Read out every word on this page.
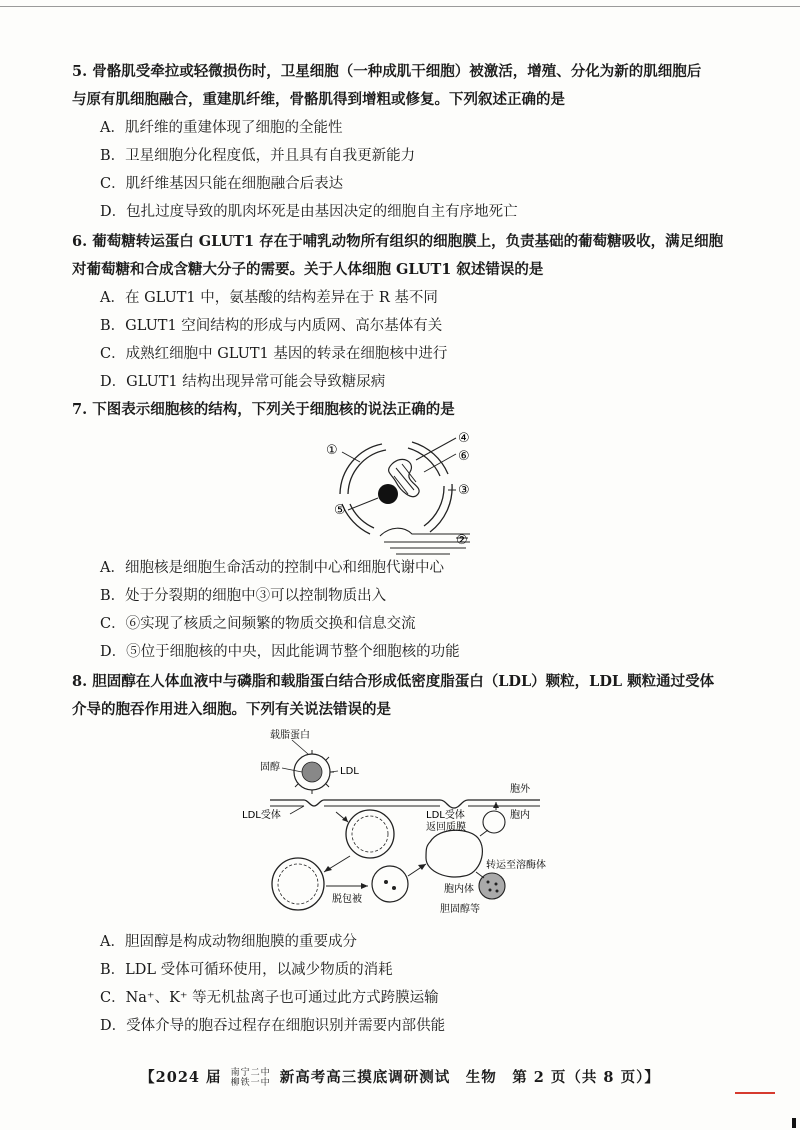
5. 骨骼肌受牵拉或轻微损伤时，卫星细胞（一种成肌干细胞）被激活，增殖、分化为新的肌细胞后

与原有肌细胞融合，重建肌纤维，骨骼肌得到增粗或修复。下列叙述正确的是

A．肌纤维的重建体现了细胞的全能性

B．卫星细胞分化程度低，并且具有自我更新能力

C．肌纤维基因只能在细胞融合后表达

D．包扎过度导致的肌肉坏死是由基因决定的细胞自主有序地死亡

6. 葡萄糖转运蛋白 GLUT1 存在于哺乳动物所有组织的细胞膜上，负责基础的葡萄糖吸收，满足细胞

对葡萄糖和合成含糖大分子的需要。关于人体细胞 GLUT1 叙述错误的是

A．在 GLUT1 中，氨基酸的结构差异在于 R 基不同

B．GLUT1 空间结构的形成与内质网、高尔基体有关

C．成熟红细胞中 GLUT1 基因的转录在细胞核中进行

D．GLUT1 结构出现异常可能会导致糖尿病

7. 下图表示细胞核的结构，下列关于细胞核的说法正确的是

①
④
⑥
③
⑤
②

A．细胞核是细胞生命活动的控制中心和细胞代谢中心

B．处于分裂期的细胞中③可以控制物质出入

C．⑥实现了核质之间频繁的物质交换和信息交流

D．⑤位于细胞核的中央，因此能调节整个细胞核的功能

8. 胆固醇在人体血液中与磷脂和载脂蛋白结合形成低密度脂蛋白（LDL）颗粒，LDL 颗粒通过受体

介导的胞吞作用进入细胞。下列有关说法错误的是

载脂蛋白
固醇	LDL
LDL受体
胞外
胞内
脱包被
胞内体
LDL受体
返回质膜
转运至溶酶体
胆固醇等

A．胆固醇是构成动物细胞膜的重要成分

B．LDL 受体可循环使用，以减少物质的消耗

C．Na⁺、K⁺ 等无机盐离子也可通过此方式跨膜运输

D．受体介导的胞吞过程存在细胞识别并需要内部供能

【2024 届 南宁二中
柳铁一中 新高考高三摸底调研测试　生物　第 2 页（共 8 页）】
